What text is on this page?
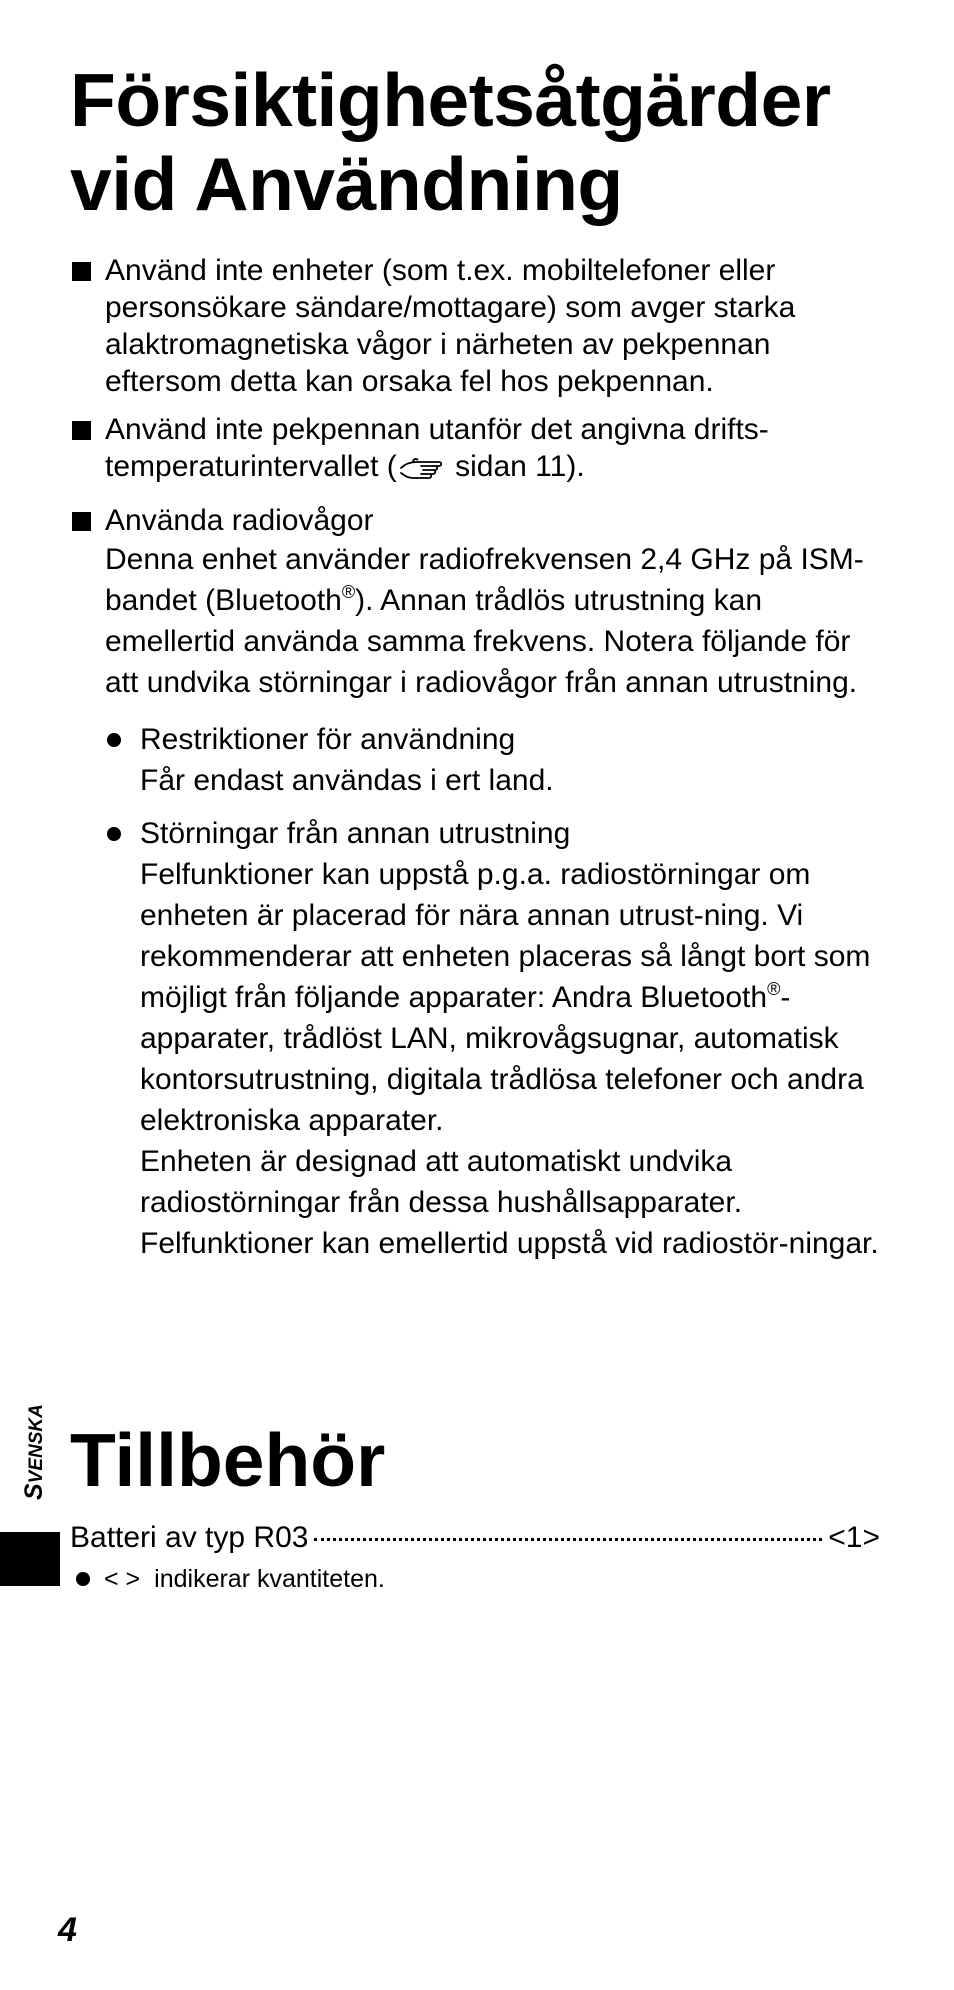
Försiktighetsåtgärder
vid Användning

Använd inte enheter (som t.ex. mobiltelefoner eller personsökare sändare/mottagare) som avger starka alaktromagnetiska vågor i närheten av pekpennan eftersom detta kan orsaka fel hos pekpennan.

Använd inte pekpennan utanför det angivna drifts-temperaturintervallet ( sidan 11).

Använda radiovågor

Denna enhet använder radiofrekvensen 2,4 GHz på ISM-bandet (Bluetooth®). Annan trådlös utrustning kan emellertid använda samma frekvens. Notera följande för att undvika störningar i radiovågor från annan utrustning.

Restriktioner för användning

Får endast användas i ert land.

Störningar från annan utrustning

Felfunktioner kan uppstå p.g.a. radiostörningar om enheten är placerad för nära annan utrust-ning. Vi rekommenderar att enheten placeras så långt bort som möjligt från följande apparater: Andra Bluetooth®-apparater, trådlöst LAN, mikrovågsugnar, automatisk kontorsutrustning, digitala trådlösa telefoner och andra elektroniska apparater.

Enheten är designad att automatiskt undvika radiostörningar från dessa hushållsapparater. Felfunktioner kan emellertid uppstå vid radiostör-ningar.

SVENSKA Tillbehör
Batteri av typ R03	<1>
< > indikerar kvantiteten.
4
